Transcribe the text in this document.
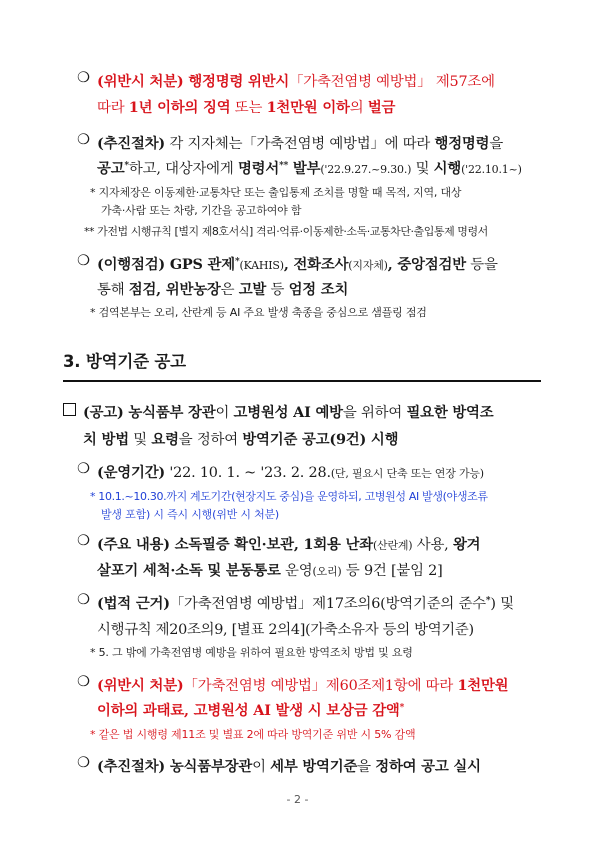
❍ (위반시 처분) 행정명령 위반시「가축전염병 예방법」 제57조에
따라 1년 이하의 징역 또는 1천만원 이하의 벌금
❍ (추진절차) 각 지자체는「가축전염병 예방법」에 따라 행정명령을
공고*하고, 대상자에게 명령서** 발부('22.9.27.~9.30.) 및 시행('22.10.1~)
* 지자체장은 이동제한·교통차단 또는 출입통제 조치를 명할 때 목적, 지역, 대상
가축·사람 또는 차량, 기간을 공고하여야 함
** 가전법 시행규칙 [별지 제8호서식] 격리·억류·이동제한·소독·교통차단·출입통제 명령서
❍ (이행점검) GPS 관제*(KAHIS), 전화조사(지자체), 중앙점검반 등을
통해 점검, 위반농장은 고발 등 엄정 조치
* 검역본부는 오리, 산란계 등 AI 주요 발생 축종을 중심으로 샘플링 점검
3. 방역기준 공고
(공고) 농식품부 장관이 고병원성 AI 예방을 위하여 필요한 방역조
치 방법 및 요령을 정하여 방역기준 공고(9건) 시행
❍ (운영기간) '22. 10. 1. ~ '23. 2. 28.(단, 필요시 단축 또는 연장 가능)
* 10.1.~10.30.까지 계도기간(현장지도 중심)을 운영하되, 고병원성 AI 발생(야생조류
발생 포함) 시 즉시 시행(위반 시 처분)
❍ (주요 내용) 소독필증 확인·보관, 1회용 난좌(산란계) 사용, 왕겨
살포기 세척·소독 및 분동통로 운영(오리) 등 9건 [붙임 2]
❍ (법적 근거)「가축전염병 예방법」제17조의6(방역기준의 준수*) 및
시행규칙 제20조의9, [별표 2의4](가축소유자 등의 방역기준)
* 5. 그 밖에 가축전염병 예방을 위하여 필요한 방역조치 방법 및 요령
❍ (위반시 처분)「가축전염병 예방법」제60조제1항에 따라 1천만원
이하의 과태료, 고병원성 AI 발생 시 보상금 감액*
* 같은 법 시행령 제11조 및 별표 2에 따라 방역기준 위반 시 5% 감액
❍ (추진절차) 농식품부장관이 세부 방역기준을 정하여 공고 실시
- 2 -
